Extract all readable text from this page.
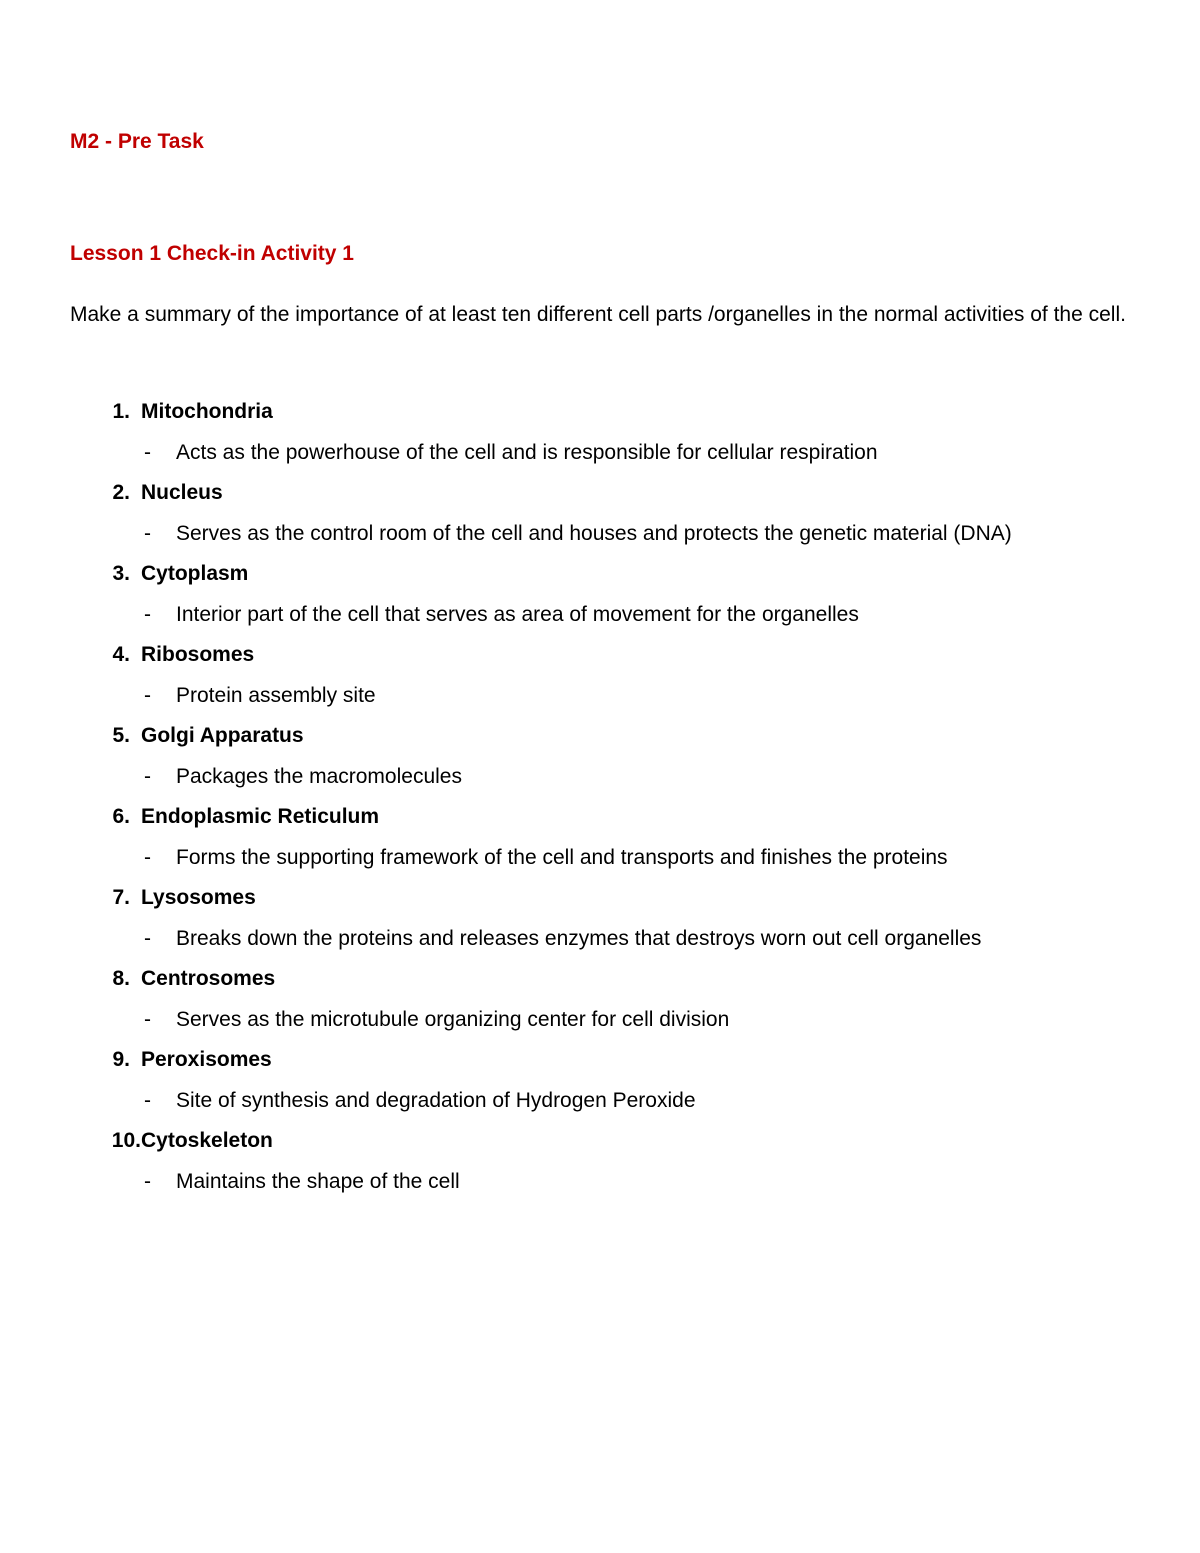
M2 - Pre Task
Lesson 1 Check-in Activity 1

Make a summary of the importance of at least ten different cell parts /organelles in the normal activities of the cell.

1. Mitochondria
-	Acts as the powerhouse of the cell and is responsible for cellular respiration
2. Nucleus
-	Serves as the control room of the cell and houses and protects the genetic material (DNA)
3. Cytoplasm
-	Interior part of the cell that serves as area of movement for the organelles
4. Ribosomes
-	Protein assembly site
5. Golgi Apparatus
-	Packages the macromolecules
6. Endoplasmic Reticulum
-	Forms the supporting framework of the cell and transports and finishes the proteins
7. Lysosomes
-	Breaks down the proteins and releases enzymes that destroys worn out cell organelles
8. Centrosomes
-	Serves as the microtubule organizing center for cell division
9. Peroxisomes
-	Site of synthesis and degradation of Hydrogen Peroxide
10. Cytoskeleton
-	Maintains the shape of the cell
